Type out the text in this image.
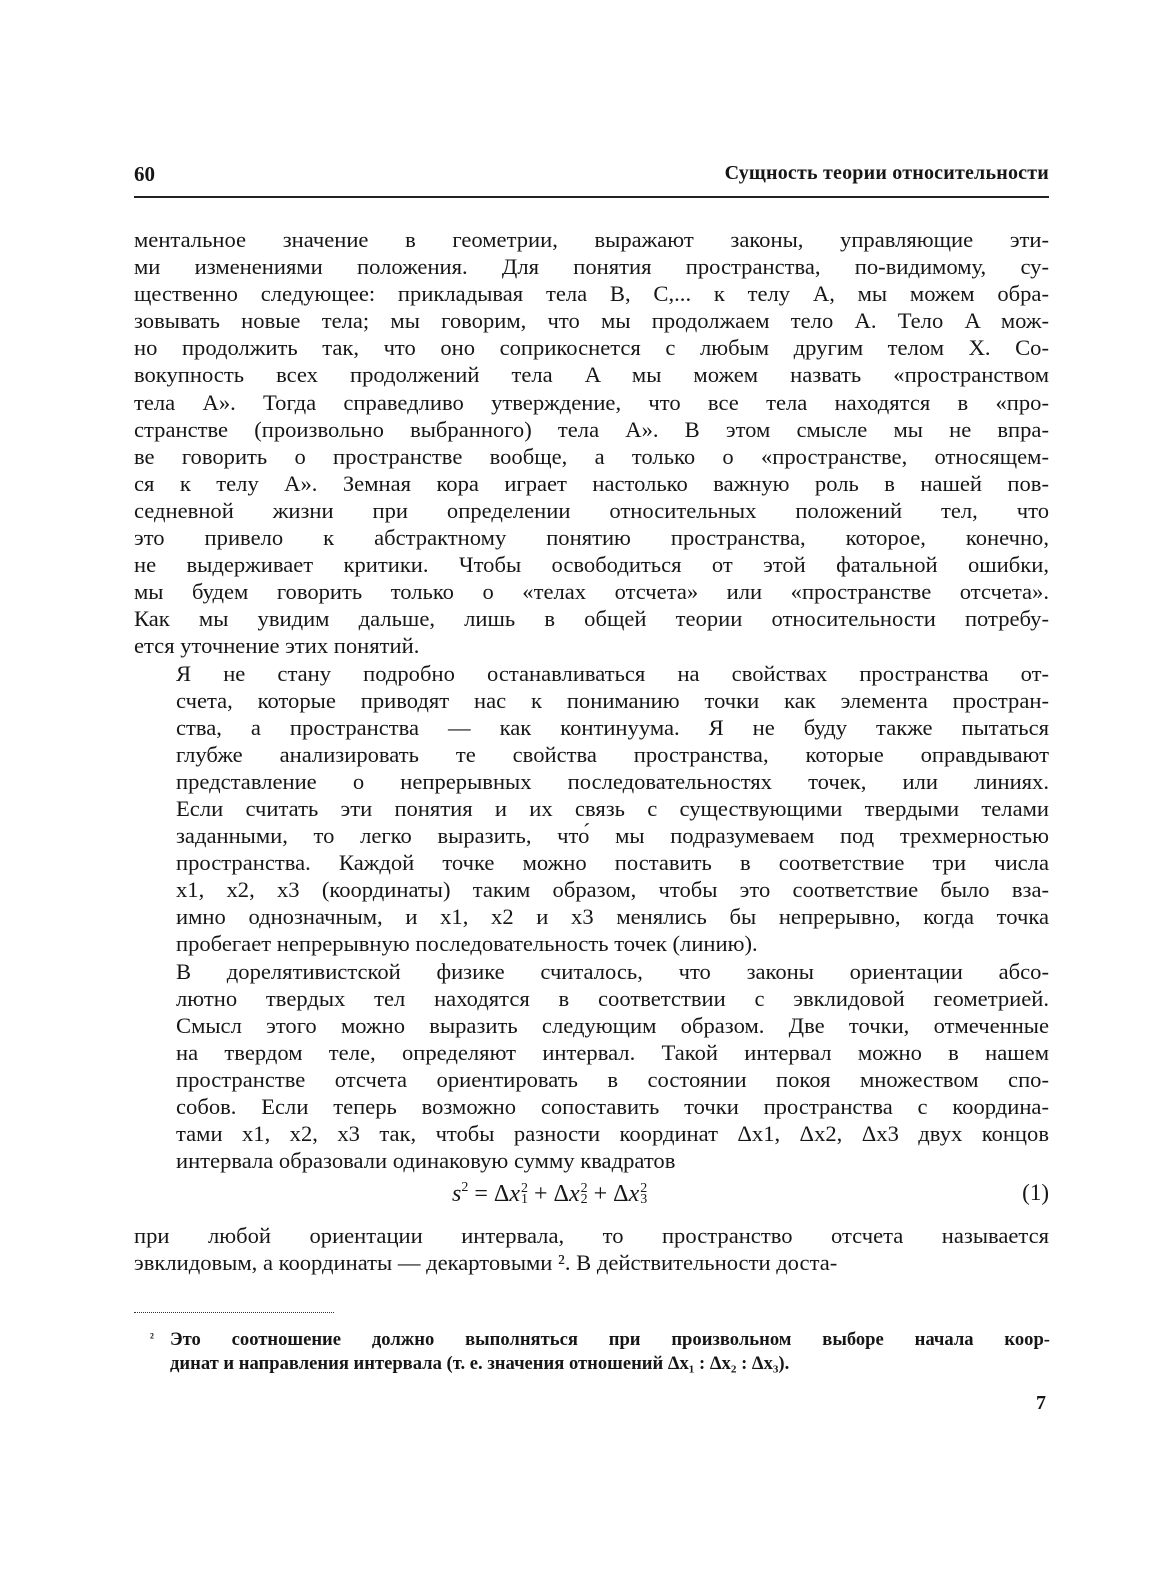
60	Сущность теории относительности

ментальное значение в геометрии, выражают законы, управляющие эти-
ми изменениями положения. Для понятия пространства, по-видимому, су-
щественно следующее: прикладывая тела B, C,... к телу A, мы можем обра-
зовывать новые тела; мы говорим, что мы продолжаем тело A. Тело A мож-
но продолжить так, что оно соприкоснется с любым другим телом X. Со-
вокупность всех продолжений тела A мы можем назвать «пространством
тела A». Тогда справедливо утверждение, что все тела находятся в «про-
странстве (произвольно выбранного) тела A». В этом смысле мы не впра-
ве говорить о пространстве вообще, а только о «пространстве, относящем-
ся к телу A». Земная кора играет настолько важную роль в нашей пов-
седневной жизни при определении относительных положений тел, что
это привело к абстрактному понятию пространства, которое, конечно,
не выдерживает критики. Чтобы освободиться от этой фатальной ошибки,
мы будем говорить только о «телах отсчета» или «пространстве отсчета».
Как мы увидим дальше, лишь в общей теории относительности потребу-
ется уточнение этих понятий.

Я не стану подробно останавливаться на свойствах пространства от-
счета, которые приводят нас к пониманию точки как элемента простран-
ства, а пространства — как континуума. Я не буду также пытаться
глубже анализировать те свойства пространства, которые оправдывают
представление о непрерывных последовательностях точек, или линиях.
Если считать эти понятия и их связь с существующими твердыми телами
заданными, то легко выразить, что́ мы подразумеваем под трехмерностью
пространства. Каждой точке можно поставить в соответствие три числа
x1, x2, x3 (координаты) таким образом, чтобы это соответствие было вза-
имно однозначным, и x1, x2 и x3 менялись бы непрерывно, когда точка
пробегает непрерывную последовательность точек (линию).

В дорелятивистской физике считалось, что законы ориентации абсо-
лютно твердых тел находятся в соответствии с эвклидовой геометрией.
Смысл этого можно выразить следующим образом. Две точки, отмеченные
на твердом теле, определяют интервал. Такой интервал можно в нашем
пространстве отсчета ориентировать в состоянии покоя множеством спо-
собов. Если теперь возможно сопоставить точки пространства с координа-
тами x1, x2, x3 так, чтобы разности координат Δx1, Δx2, Δx3 двух концов
интервала образовали одинаковую сумму квадратов

$s^2 = \Delta x$ 2
1 + Δx 2
2 + Δx 2
3	(1)

при любой ориентации интервала, то пространство отсчета называется
эвклидовым, а координаты — декартовыми ². В действительности доста-

² Это соотношение должно выполняться при произвольном выборе начала коор-
динат и направления интервала (т. е. значения отношений Δx₁ : Δx₂ : Δx₃).
7
